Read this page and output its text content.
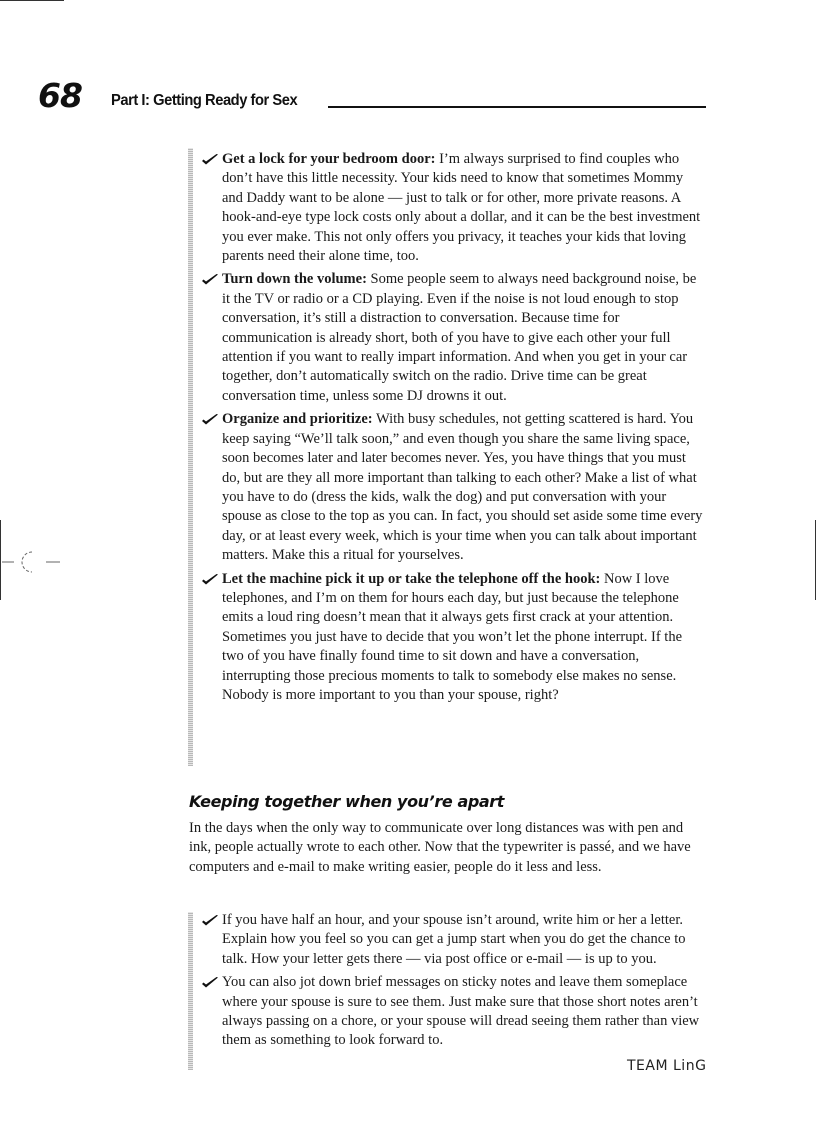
68 Part I: Getting Ready for Sex
Get a lock for your bedroom door: I’m always surprised to find couples who don’t have this little necessity. Your kids need to know that sometimes Mommy and Daddy want to be alone — just to talk or for other, more private reasons. A hook-and-eye type lock costs only about a dollar, and it can be the best investment you ever make. This not only offers you privacy, it teaches your kids that loving parents need their alone time, too.
Turn down the volume: Some people seem to always need background noise, be it the TV or radio or a CD playing. Even if the noise is not loud enough to stop conversation, it’s still a distraction to conversation. Because time for communication is already short, both of you have to give each other your full attention if you want to really impart information. And when you get in your car together, don’t automatically switch on the radio. Drive time can be great conversation time, unless some DJ drowns it out.
Organize and prioritize: With busy schedules, not getting scattered is hard. You keep saying “We’ll talk soon,” and even though you share the same living space, soon becomes later and later becomes never. Yes, you have things that you must do, but are they all more important than talking to each other? Make a list of what you have to do (dress the kids, walk the dog) and put conversation with your spouse as close to the top as you can. In fact, you should set aside some time every day, or at least every week, which is your time when you can talk about important matters. Make this a ritual for yourselves.
Let the machine pick it up or take the telephone off the hook: Now I love telephones, and I’m on them for hours each day, but just because the telephone emits a loud ring doesn’t mean that it always gets first crack at your attention. Sometimes you just have to decide that you won’t let the phone interrupt. If the two of you have finally found time to sit down and have a conversation, interrupting those precious moments to talk to somebody else makes no sense. Nobody is more important to you than your spouse, right?
Keeping together when you’re apart

In the days when the only way to communicate over long distances was with pen and ink, people actually wrote to each other. Now that the typewriter is passé, and we have computers and e-mail to make writing easier, people do it less and less.

If you have half an hour, and your spouse isn’t around, write him or her a letter. Explain how you feel so you can get a jump start when you do get the chance to talk. How your letter gets there — via post office or e-mail — is up to you.
You can also jot down brief messages on sticky notes and leave them someplace where your spouse is sure to see them. Just make sure that those short notes aren’t always passing on a chore, or your spouse will dread seeing them rather than view them as something to look forward to.
TEAM LinG
